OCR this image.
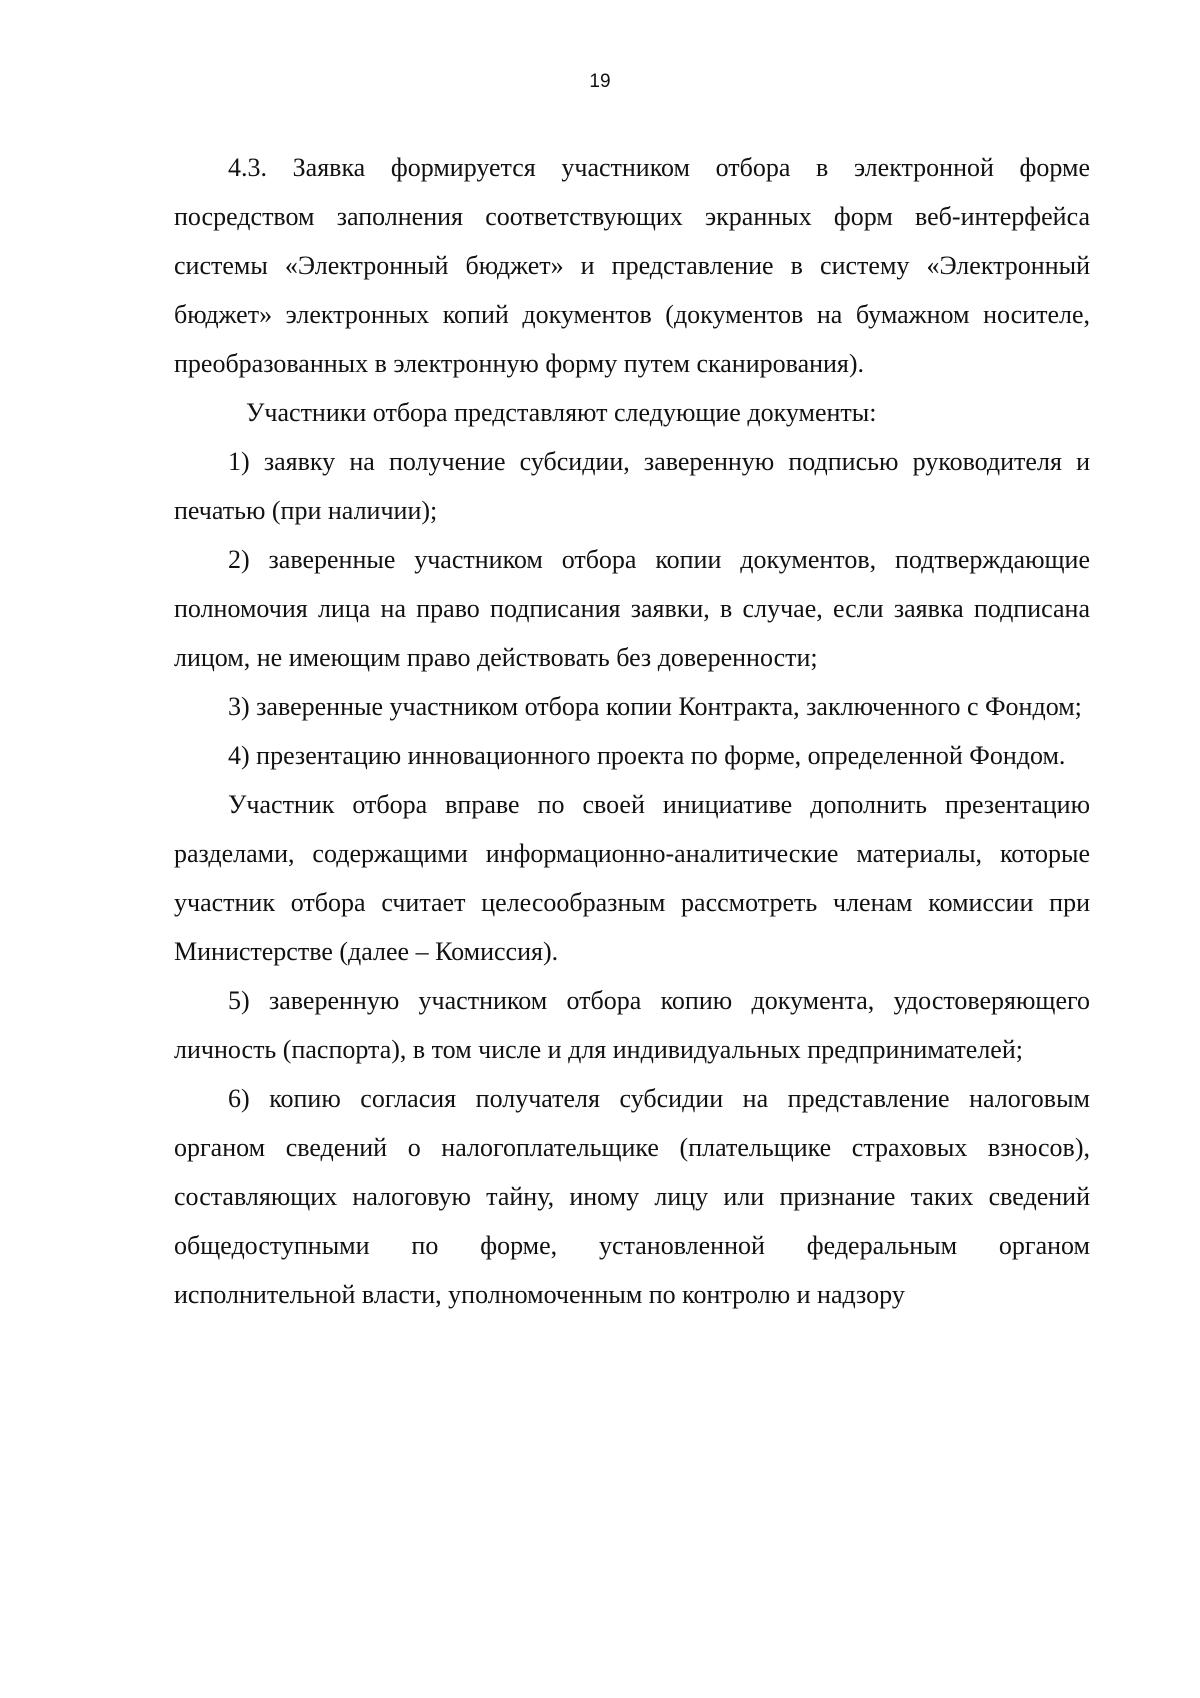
19

4.3. Заявка формируется участником отбора в электронной форме посредством заполнения соответствующих экранных форм веб-интерфейса системы «Электронный бюджет» и представление в систему «Электронный бюджет» электронных копий документов (документов на бумажном носителе, преобразованных в электронную форму путем сканирования).

Участники отбора представляют следующие документы:

1) заявку на получение субсидии, заверенную подписью руководителя и печатью (при наличии);

2) заверенные участником отбора копии документов, подтверждающие полномочия лица на право подписания заявки, в случае, если заявка подписана лицом, не имеющим право действовать без доверенности;

3) заверенные участником отбора копии Контракта, заключенного с Фондом;

4) презентацию инновационного проекта по форме, определенной Фондом.

Участник отбора вправе по своей инициативе дополнить презентацию разделами, содержащими информационно-аналитические материалы, которые участник отбора считает целесообразным рассмотреть членам комиссии при Министерстве (далее – Комиссия).

5) заверенную участником отбора копию документа, удостоверяющего личность (паспорта), в том числе и для индивидуальных предпринимателей;

6) копию согласия получателя субсидии на представление налоговым органом сведений о налогоплательщике (плательщике страховых взносов), составляющих налоговую тайну, иному лицу или признание таких сведений общедоступными по форме, установленной федеральным органом исполнительной власти, уполномоченным по контролю и надзору
